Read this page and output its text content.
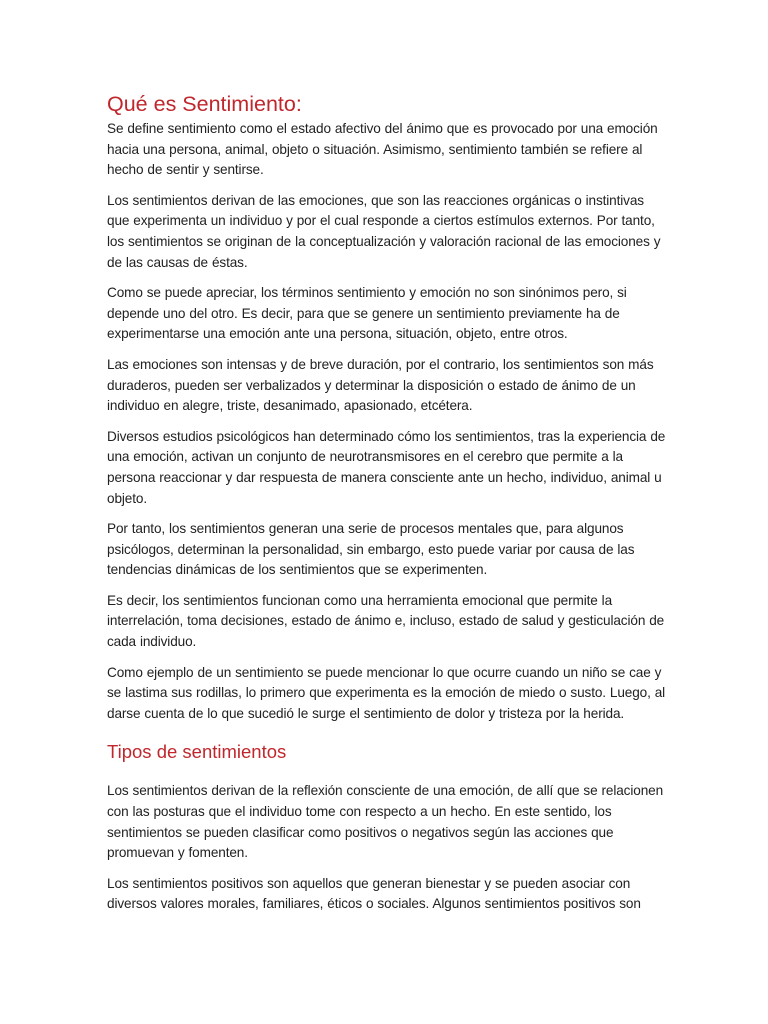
Qué es Sentimiento:

Se define sentimiento como el estado afectivo del ánimo que es provocado por una emoción hacia una persona, animal, objeto o situación. Asimismo, sentimiento también se refiere al hecho de sentir y sentirse.

Los sentimientos derivan de las emociones, que son las reacciones orgánicas o instintivas que experimenta un individuo y por el cual responde a ciertos estímulos externos. Por tanto, los sentimientos se originan de la conceptualización y valoración racional de las emociones y de las causas de éstas.

Como se puede apreciar, los términos sentimiento y emoción no son sinónimos pero, si depende uno del otro. Es decir, para que se genere un sentimiento previamente ha de experimentarse una emoción ante una persona, situación, objeto, entre otros.

Las emociones son intensas y de breve duración, por el contrario, los sentimientos son más duraderos, pueden ser verbalizados y determinar la disposición o estado de ánimo de un individuo en alegre, triste, desanimado, apasionado, etcétera.

Diversos estudios psicológicos han determinado cómo los sentimientos, tras la experiencia de una emoción, activan un conjunto de neurotransmisores en el cerebro que permite a la persona reaccionar y dar respuesta de manera consciente ante un hecho, individuo, animal u objeto.

Por tanto, los sentimientos generan una serie de procesos mentales que, para algunos psicólogos, determinan la personalidad, sin embargo, esto puede variar por causa de las tendencias dinámicas de los sentimientos que se experimenten.

Es decir, los sentimientos funcionan como una herramienta emocional que permite la interrelación, toma decisiones, estado de ánimo e, incluso, estado de salud y gesticulación de cada individuo.

Como ejemplo de un sentimiento se puede mencionar lo que ocurre cuando un niño se cae y se lastima sus rodillas, lo primero que experimenta es la emoción de miedo o susto. Luego, al darse cuenta de lo que sucedió le surge el sentimiento de dolor y tristeza por la herida.

Tipos de sentimientos

Los sentimientos derivan de la reflexión consciente de una emoción, de allí que se relacionen con las posturas que el individuo tome con respecto a un hecho. En este sentido, los sentimientos se pueden clasificar como positivos o negativos según las acciones que promuevan y fomenten.

Los sentimientos positivos son aquellos que generan bienestar y se pueden asociar con diversos valores morales, familiares, éticos o sociales. Algunos sentimientos positivos son
